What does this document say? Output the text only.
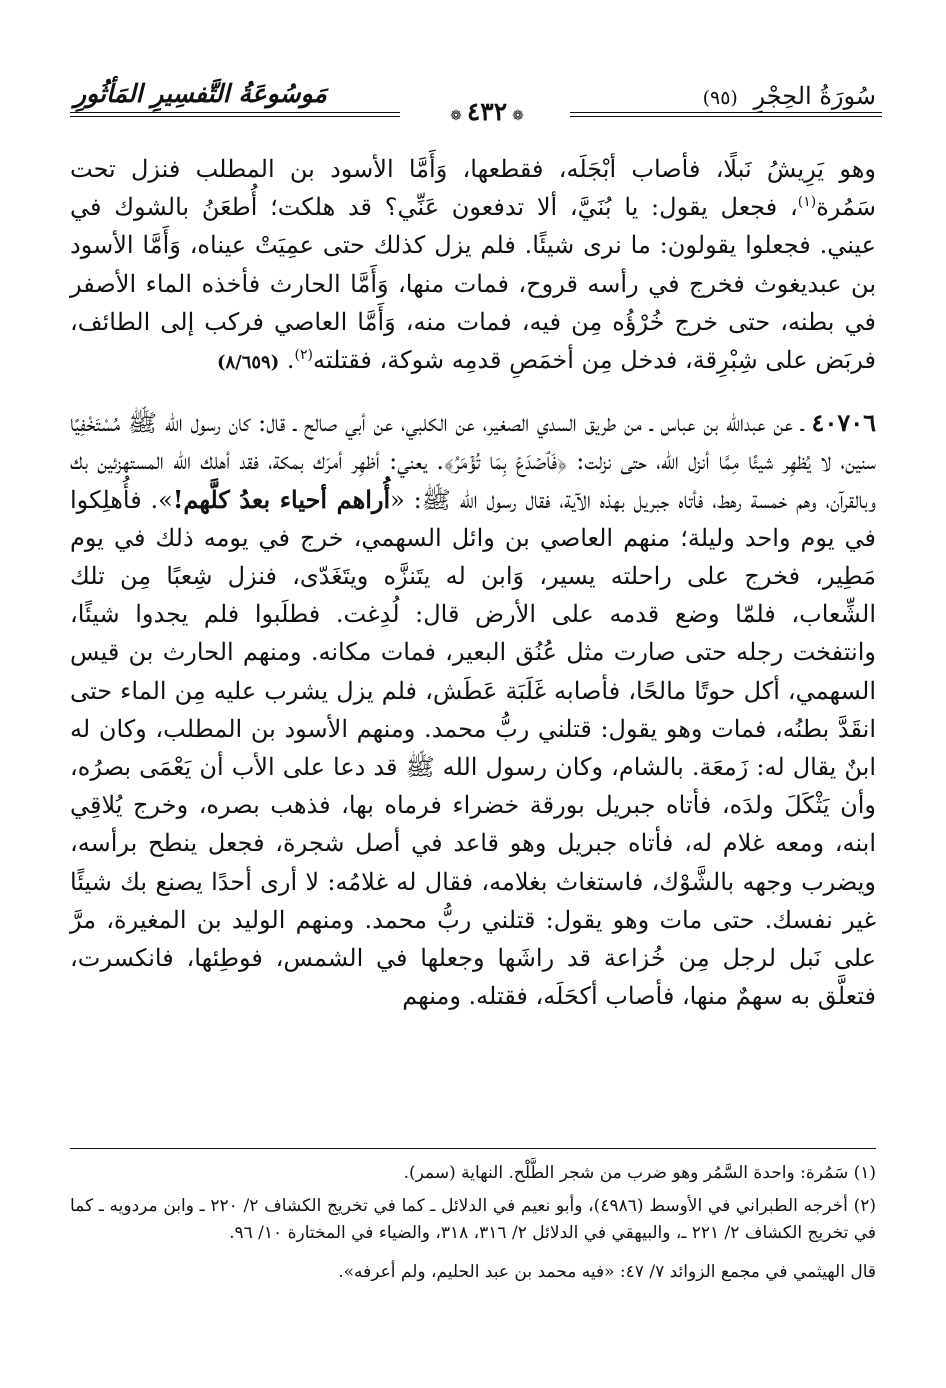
سُورَةُ الحِجْرِ (٩٥)
❁٤٣٢❁
مَوسُوعَةُ التَّفسِيرِ المَأثُورِ

وهو يَرِيشُ نَبلًا، فأصاب أبْجَلَه، فقطعها، وَأَمَّا الأسود بن المطلب فنزل تحت سَمُرة$^{(١)}$، فجعل يقول: يا بُنَيَّ، ألا تدفعون عَنِّي؟ قد هلكت؛ أُطعَنُ بالشوك في عيني. فجعلوا يقولون: ما نرى شيئًا. فلم يزل كذلك حتى عمِيَتْ عيناه، وَأَمَّا الأسود بن عبديغوث فخرج في رأسه قروح، فمات منها، وَأَمَّا الحارث فأخذه الماء الأصفر في بطنه، حتى خرج خُرْؤُه مِن فيه، فمات منه، وَأَمَّا العاصي فركب إلى الطائف، فربَض على شِبْرِقة، فدخل مِن أخمَصِ قدمِه شوكة، فقتلته$^{(٢)}$. (٨/٦٥٩)

٤٠٧٠٦ ـ عن عبدالله بن عباس ـ من طريق السدي الصغير، عن الكلبي، عن أبي صالح ـ قال: كان رسول الله ﷺ مُسْتَخْفِيًا سنين، لا يُظهِر شيئًا مِمَّا أنزل الله، حتى نزلت: ﴿فَٱصۡدَعۡ بِمَا تُؤۡمَرُ﴾. يعني: أظهِر أمرَك بمكة، فقد أهلك الله المستهزئين بك وبالقرآن، وهم خمسة رهط، فأتاه جبريل بهذه الآية، فقال رسول الله ﷺ: «أُراهم أحياء بعدُ كلَّهم!». فأُهلِكوا في يوم واحد وليلة؛ منهم العاصي بن وائل السهمي، خرج في يومه ذلك في يوم مَطِير، فخرج على راحلته يسير، وَابن له يتَنزَّه ويتَغَدّى، فنزل شِعبًا مِن تلك الشِّعاب، فلمّا وضع قدمه على الأرض قال: لُدِغت. فطلَبوا فلم يجدوا شيئًا، وانتفخت رجله حتى صارت مثل عُنُق البعير، فمات مكانه. ومنهم الحارث بن قيس السهمي، أكل حوتًا مالحًا، فأصابه غَلَبَة عَطَش، فلم يزل يشرب عليه مِن الماء حتى انقَدَّ بطنُه، فمات وهو يقول: قتلني ربُّ محمد. ومنهم الأسود بن المطلب، وكان له ابنٌ يقال له: زَمعَة. بالشام، وكان رسول الله ﷺ قد دعا على الأب أن يَعْمَى بصرُه، وأن يَثْكَلَ ولدَه، فأتاه جبريل بورقة خضراء فرماه بها، فذهب بصره، وخرج يُلاقِي ابنه، ومعه غلام له، فأتاه جبريل وهو قاعد في أصل شجرة، فجعل ينطح برأسه، ويضرب وجهه بالشَّوْك، فاستغاث بغلامه، فقال له غلامُه: لا أرى أحدًا يصنع بك شيئًا غير نفسك. حتى مات وهو يقول: قتلني ربُّ محمد. ومنهم الوليد بن المغيرة، مرَّ على نَبل لرجل مِن خُزاعة قد راشَها وجعلها في الشمس، فوطِئها، فانكسرت، فتعلَّق به سهمٌ منها، فأصاب أكحَلَه، فقتله. ومنهم

(١) سَمُرة: واحدة السَّمُر وهو ضرب من شجر الطَّلْح. النهاية (سمر).

(٢) أخرجه الطبراني في الأوسط (٤٩٨٦)، وأبو نعيم في الدلائل ـ كما في تخريج الكشاف ٢/ ٢٢٠ ـ وابن مردويه ـ كما في تخريج الكشاف ٢/ ٢٢١ ـ، والبيهقي في الدلائل ٢/ ٣١٦، ٣١٨، والضياء في المختارة ١٠/ ٩٦.

قال الهيثمي في مجمع الزوائد ٧/ ٤٧: «فيه محمد بن عبد الحليم، ولم أعرفه».
